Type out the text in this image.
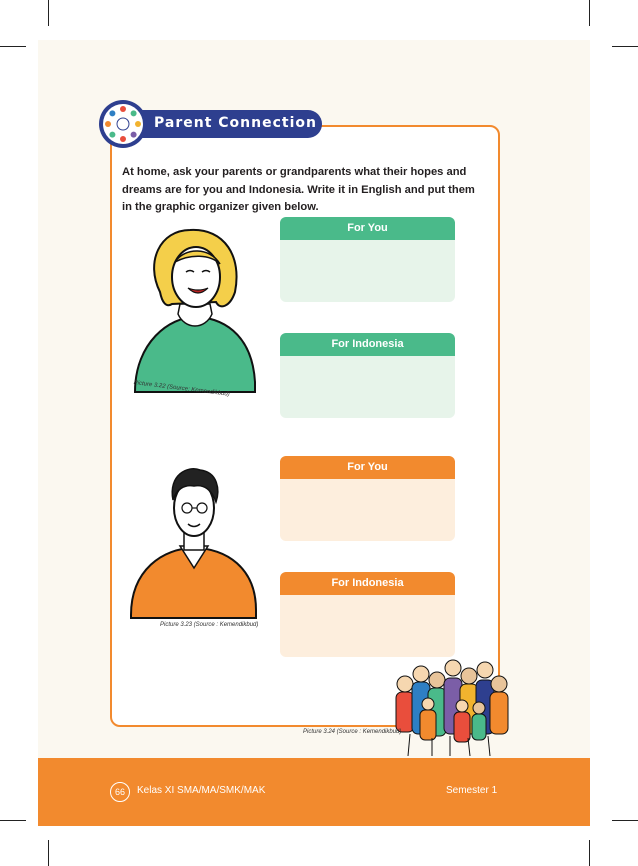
Parent Connection
At home, ask your parents or grandparents what their hopes and dreams are for you and Indonesia. Write it in English and put them in the graphic organizer given below.
Picture 3.22 (Source: Kemendikbud)
Picture 3.23 (Source : Kemendikbud)
For You
For Indonesia
For You
For Indonesia
Picture 3.24 (Source : Kemendikbud)
66	Kelas XI SMA/MA/SMK/MAK	Semester 1
